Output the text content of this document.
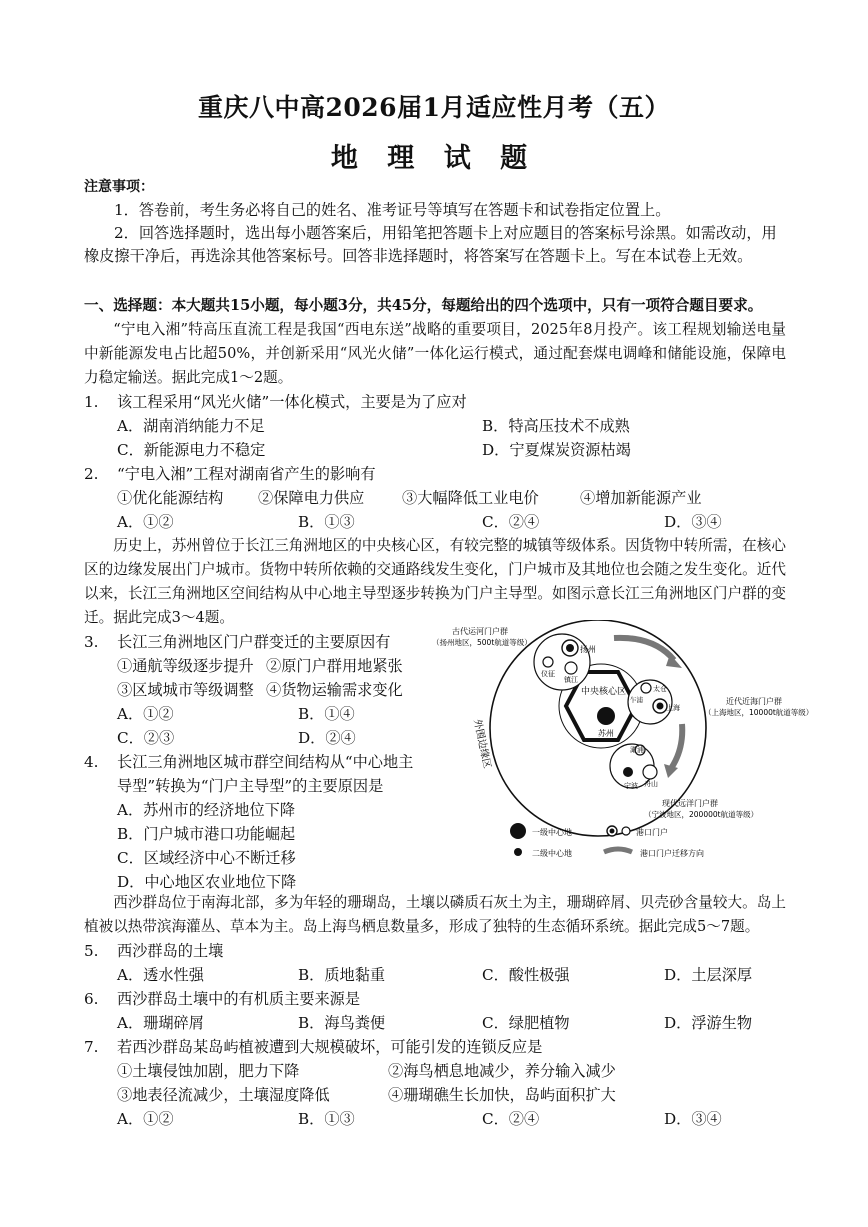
重庆八中高2026届1月适应性月考（五）
地 理 试 题
注意事项：
1．答卷前，考生务必将自己的姓名、准考证号等填写在答题卡和试卷指定位置上。
2．回答选择题时，选出每小题答案后，用铅笔把答题卡上对应题目的答案标号涂黑。如需改动，用
橡皮擦干净后，再选涂其他答案标号。回答非选择题时，将答案写在答题卡上。写在本试卷上无效。
一、选择题：本大题共15小题，每小题3分，共45分，每题给出的四个选项中，只有一项符合题目要求。
“宁电入湘”特高压直流工程是我国“西电东送”战略的重要项目，2025年8月投产。该工程规划输送电量中新能源发电占比超50%，并创新采用“风光火储”一体化运行模式，通过配套煤电调峰和储能设施，保障电力稳定输送。据此完成1～2题。
1. 该工程采用“风光火储”一体化模式，主要是为了应对
A．湖南消纳能力不足	B．特高压技术不成熟
C．新能源电力不稳定	D．宁夏煤炭资源枯竭
2. “宁电入湘”工程对湖南省产生的影响有
①优化能源结构 ②保障电力供应 ③大幅降低工业电价	④增加新能源产业
A．①②	B．①③	C．②④	D．③④
历史上，苏州曾位于长江三角洲地区的中央核心区，有较完整的城镇等级体系。因货物中转所需，在核心区的边缘发展出门户城市。货物中转所依赖的交通路线发生变化，门户城市及其地位也会随之发生变化。近代以来，长江三角洲地区空间结构从中心地主导型逐步转换为门户主导型。如图示意长江三角洲地区门户群的变迁。据此完成3～4题。
3. 长江三角洲地区门户群变迁的主要原因有
①通航等级逐步提升 ②原门户群用地紧张
③区域城市等级调整 ④货物运输需求变化
A．①②	B．①④
C．②③	D．②④
4. 长江三角洲地区城市群空间结构从“中心地主
导型”转换为“门户主导型”的主要原因是
A．苏州市的经济地位下降
B．门户城市港口功能崛起
C．区域经济中心不断迁移
D．中心地区农业地位下降
外围边缘区
中央核心区
扬州
仪征
镇江
太仓
上海
乍浦
苏州
澉浦
宁波 舟山
古代运河门户群
（扬州地区，500t航道等级）
近代近海门户群
（上海地区，10000t航道等级）
现代远洋门户群
（宁波地区，200000t航道等级）
一级中心地
二级中心地
港口门户
港口门户迁移方向
西沙群岛位于南海北部，多为年轻的珊瑚岛，土壤以磷质石灰土为主，珊瑚碎屑、贝壳砂含量较大。岛上植被以热带滨海灌丛、草本为主。岛上海鸟栖息数量多，形成了独特的生态循环系统。据此完成5～7题。
5. 西沙群岛的土壤
A．透水性强	B．质地黏重	C．酸性极强	D．土层深厚
6. 西沙群岛土壤中的有机质主要来源是
A．珊瑚碎屑	B．海鸟粪便	C．绿肥植物	D．浮游生物
7. 若西沙群岛某岛屿植被遭到大规模破坏，可能引发的连锁反应是
①土壤侵蚀加剧，肥力下降	②海鸟栖息地减少，养分输入减少
③地表径流减少，土壤湿度降低	④珊瑚礁生长加快，岛屿面积扩大
A．①②	B．①③	C．②④	D．③④
